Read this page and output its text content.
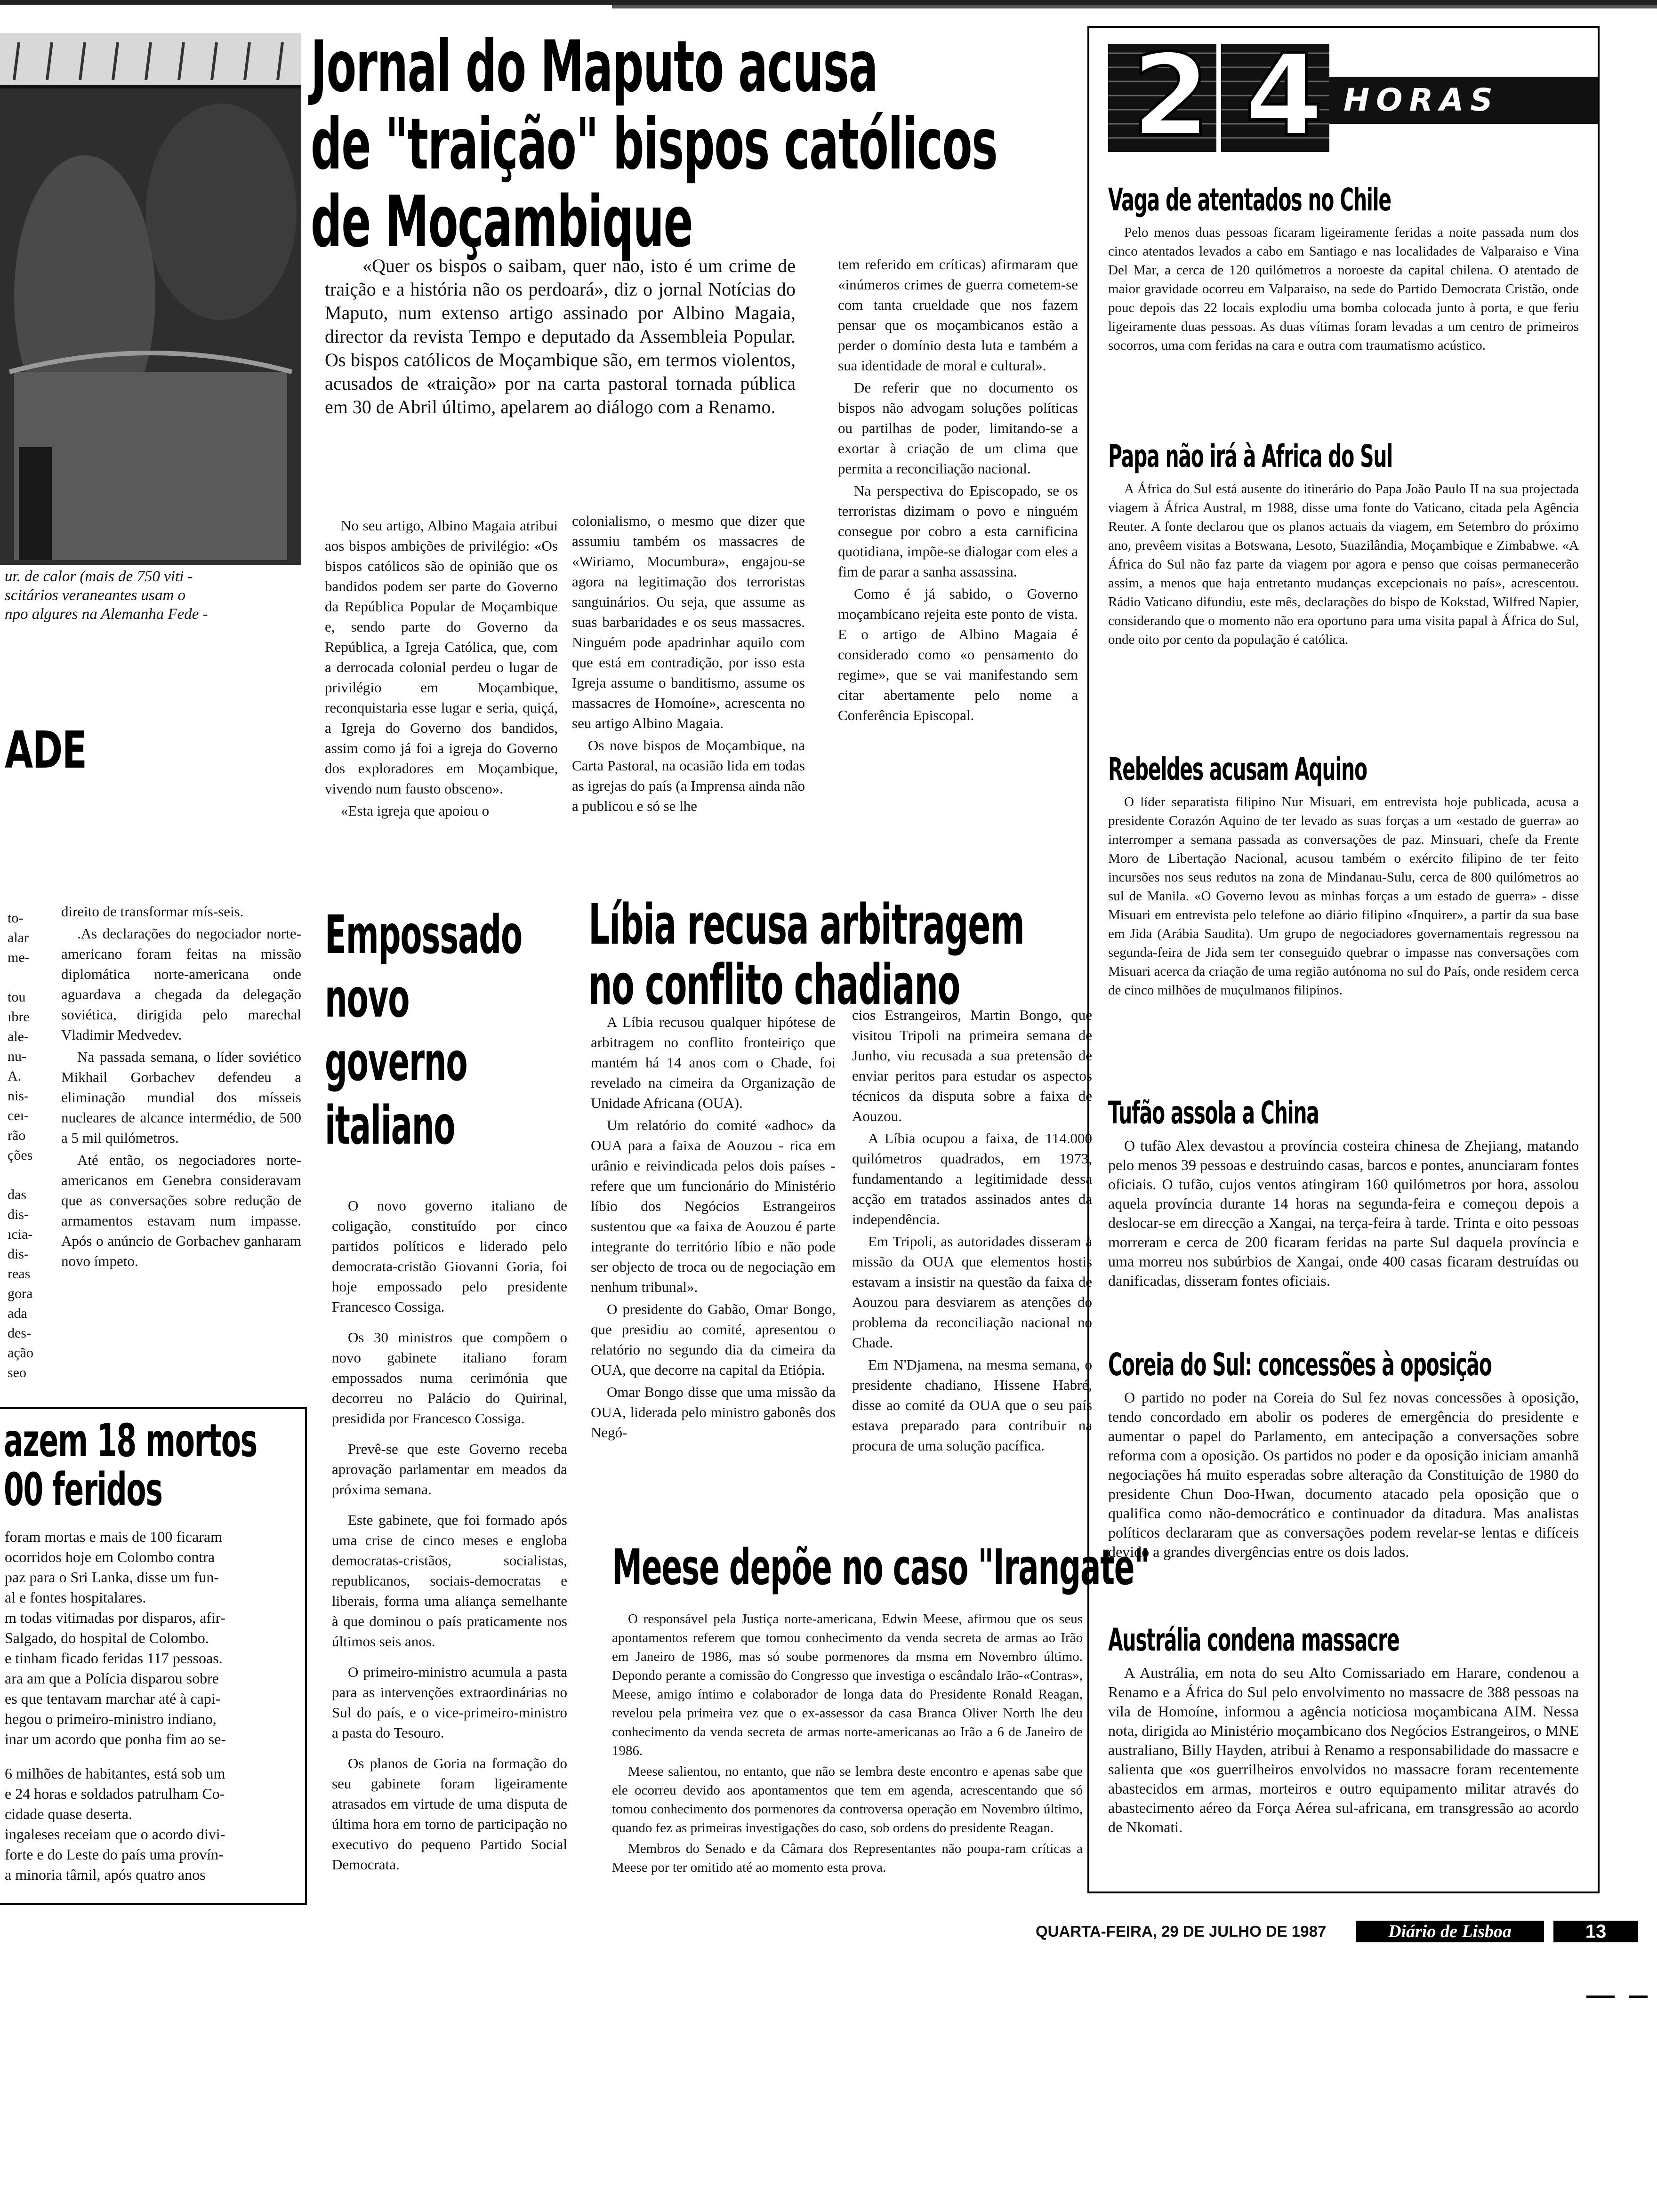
ur. de calor (mais de 750 viti -
scitários veraneantes usam o
npo algures na Alemanha Fede -
ADE
to-
alar
me-
tou
ıbre
ale-
nu-
A.
nis-
ceı-
rão
ções
das
dis-
ıcia-
dis-
reas
gora
ada
des-
ação
seo

direito de transformar mís-seis.

.As declarações do negociador norte-americano foram feitas na missão diplomática norte-americana onde aguardava a chegada da delegação soviética, dirigida pelo marechal Vladimir Medvedev.

Na passada semana, o líder soviético Mikhail Gorbachev defendeu a eliminação mundial dos mísseis nucleares de alcance intermédio, de 500 a 5 mil quilómetros.

Até então, os negociadores norte-americanos em Genebra consideravam que as conversações sobre redução de armamentos estavam num impasse. Após o anúncio de Gorbachev ganharam novo ímpeto.

azem 18 mortos
00 feridos
foram mortas e mais de 100 ficaram
ocorridos hoje em Colombo contra
paz para o Sri Lanka, disse um fun-
al e fontes hospitalares.
m todas vitimadas por disparos, afir-
Salgado, do hospital de Colombo.
e tinham ficado feridas 117 pessoas.
ara am que a Polícia disparou sobre
es que tentavam marchar até à capi-
hegou o primeiro-ministro indiano,
inar um acordo que ponha fim ao se-
6 milhões de habitantes, está sob um
e 24 horas e soldados patrulham Co-
cidade quase deserta.
ingaleses receiam que o acordo divi-
forte e do Leste do país uma provín-
a minoria tâmil, após quatro anos
Jornal do Maputo acusa
de "traição" bispos católicos
de Moçambique
«Quer os bispos o saibam, quer não, isto é um crime de traição e a história não os perdoará», diz o jornal Notícias do Maputo, num extenso artigo assinado por Albino Magaia, director da revista Tempo e deputado da Assembleia Popular. Os bispos católicos de Moçambique são, em termos violentos, acusados de «traição» por na carta pastoral tornada pública em 30 de Abril último, apelarem ao diálogo com a Renamo.

No seu artigo, Albino Magaia atribui aos bispos ambições de privilégio: «Os bispos católicos são de opinião que os bandidos podem ser parte do Governo da República Popular de Moçambique e, sendo parte do Governo da República, a Igreja Católica, que, com a derrocada colonial perdeu o lugar de privilégio em Moçambique, reconquistaria esse lugar e seria, quiçá, a Igreja do Governo dos bandidos, assim como já foi a igreja do Governo dos exploradores em Moçambique, vivendo num fausto obsceno».

«Esta igreja que apoiou o

colonialismo, o mesmo que dizer que assumiu também os massacres de «Wiriamo, Mocumbura», engajou-se agora na legitimação dos terroristas sanguinários. Ou seja, que assume as suas barbaridades e os seus massacres. Ninguém pode apadrinhar aquilo com que está em contradição, por isso esta Igreja assume o banditismo, assume os massacres de Homoíne», acrescenta no seu artigo Albino Magaia.

Os nove bispos de Moçambique, na Carta Pastoral, na ocasião lida em todas as igrejas do país (a Imprensa ainda não a publicou e só se lhe

tem referido em críticas) afirmaram que «inúmeros crimes de guerra cometem-se com tanta crueldade que nos fazem pensar que os moçambicanos estão a perder o domínio desta luta e também a sua identidade de moral e cultural».

De referir que no documento os bispos não advogam soluções políticas ou partilhas de poder, limitando-se a exortar à criação de um clima que permita a reconciliação nacional.

Na perspectiva do Episcopado, se os terroristas dizimam o povo e ninguém consegue por cobro a esta carnificina quotidiana, impõe-se dialogar com eles a fim de parar a sanha assassina.

Como é já sabido, o Governo moçambicano rejeita este ponto de vista. E o artigo de Albino Magaia é considerado como «o pensamento do regime», que se vai manifestando sem citar abertamente pelo nome a Conferência Episcopal.

Empossado
novo
governo
italiano

O novo governo italiano de coligação, constituído por cinco partidos políticos e liderado pelo democrata-cristão Giovanni Goria, foi hoje empossado pelo presidente Francesco Cossiga.

Os 30 ministros que compõem o novo gabinete italiano foram empossados numa cerimónia que decorreu no Palácio do Quirinal, presidida por Francesco Cossiga.

Prevê-se que este Governo receba aprovação parlamentar em meados da próxima semana.

Este gabinete, que foi formado após uma crise de cinco meses e engloba democratas-cristãos, socialistas, republicanos, sociais-democratas e liberais, forma uma aliança semelhante à que dominou o país praticamente nos últimos seis anos.

O primeiro-ministro acumula a pasta para as intervenções extraordinárias no Sul do país, e o vice-primeiro-ministro a pasta do Tesouro.

Os planos de Goria na formação do seu gabinete foram ligeiramente atrasados em virtude de uma disputa de última hora em torno de participação no executivo do pequeno Partido Social Democrata.

Líbia recusa arbitragem
no conflito chadiano

A Líbia recusou qualquer hipótese de arbitragem no conflito fronteiriço que mantém há 14 anos com o Chade, foi revelado na cimeira da Organização de Unidade Africana (OUA).

Um relatório do comité «adhoc» da OUA para a faixa de Aouzou - rica em urânio e reivindicada pelos dois países - refere que um funcionário do Ministério líbio dos Negócios Estrangeiros sustentou que «a faixa de Aouzou é parte integrante do território líbio e não pode ser objecto de troca ou de negociação em nenhum tribunal».

O presidente do Gabão, Omar Bongo, que presidiu ao comité, apresentou o relatório no segundo dia da cimeira da OUA, que decorre na capital da Etiópia.

Omar Bongo disse que uma missão da OUA, liderada pelo ministro gabonês dos Negó-

cios Estrangeiros, Martin Bongo, que visitou Tripoli na primeira semana de Junho, viu recusada a sua pretensão de enviar peritos para estudar os aspectos técnicos da disputa sobre a faixa de Aouzou.

A Líbia ocupou a faixa, de 114.000 quilómetros quadrados, em 1973, fundamentando a legitimidade dessa acção em tratados assinados antes da independência.

Em Tripoli, as autoridades disseram à missão da OUA que elementos hostis estavam a insistir na questão da faixa de Aouzou para desviarem as atenções do problema da reconciliação nacional no Chade.

Em N'Djamena, na mesma semana, o presidente chadiano, Hissene Habré, disse ao comité da OUA que o seu país estava preparado para contribuir na procura de uma solução pacífica.

Meese depõe no caso "Irangate"

O responsável pela Justiça norte-americana, Edwin Meese, afirmou que os seus apontamentos referem que tomou conhecimento da venda secreta de armas ao Irão em Janeiro de 1986, mas só soube pormenores da msma em Novembro último. Depondo perante a comissão do Congresso que investiga o escândalo Irão-«Contras», Meese, amigo íntimo e colaborador de longa data do Presidente Ronald Reagan, revelou pela primeira vez que o ex-assessor da casa Branca Oliver North lhe deu conhecimento da venda secreta de armas norte-americanas ao Irão a 6 de Janeiro de 1986.

Meese salientou, no entanto, que não se lembra deste encontro e apenas sabe que ele ocorreu devido aos apontamentos que tem em agenda, acrescentando que só tomou conhecimento dos pormenores da controversa operação em Novembro último, quando fez as primeiras investigações do caso, sob ordens do presidente Reagan.

Membros do Senado e da Câmara dos Representantes não poupa-ram críticas a Meese por ter omitido até ao momento esta prova.

2 4 HORAS
Vaga de atentados no Chile
Pelo menos duas pessoas ficaram ligeiramente feridas a noite passada num dos cinco atentados levados a cabo em Santiago e nas localidades de Valparaiso e Vina Del Mar, a cerca de 120 quilómetros a noroeste da capital chilena. O atentado de maior gravidade ocorreu em Valparaiso, na sede do Partido Democrata Cristão, onde pouc depois das 22 locais explodiu uma bomba colocada junto à porta, e que feriu ligeiramente duas pessoas. As duas vítimas foram levadas a um centro de primeiros socorros, uma com feridas na cara e outra com traumatismo acústico.
Papa não irá à Africa do Sul
A África do Sul está ausente do itinerário do Papa João Paulo II na sua projectada viagem à África Austral, m 1988, disse uma fonte do Vaticano, citada pela Agência Reuter. A fonte declarou que os planos actuais da viagem, em Setembro do próximo ano, prevêem visitas a Botswana, Lesoto, Suazilândia, Moçambique e Zimbabwe. «A África do Sul não faz parte da viagem por agora e penso que coisas permanecerão assim, a menos que haja entretanto mudanças excepcionais no país», acrescentou. Rádio Vaticano difundiu, este mês, declarações do bispo de Kokstad, Wilfred Napier, considerando que o momento não era oportuno para uma visita papal à África do Sul, onde oito por cento da população é católica.
Rebeldes acusam Aquino
O líder separatista filipino Nur Misuari, em entrevista hoje publicada, acusa a presidente Corazón Aquino de ter levado as suas forças a um «estado de guerra» ao interromper a semana passada as conversações de paz. Minsuari, chefe da Frente Moro de Libertação Nacional, acusou também o exército filipino de ter feito incursões nos seus redutos na zona de Mindanau-Sulu, cerca de 800 quilómetros ao sul de Manila. «O Governo levou as minhas forças a um estado de guerra» - disse Misuari em entrevista pelo telefone ao diário filipino «Inquirer», a partir da sua base em Jida (Arábia Saudita). Um grupo de negociadores governamentais regressou na segunda-feira de Jida sem ter conseguido quebrar o impasse nas conversações com Misuari acerca da criação de uma região autónoma no sul do País, onde residem cerca de cinco milhões de muçulmanos filipinos.
Tufão assola a China
O tufão Alex devastou a província costeira chinesa de Zhejiang, matando pelo menos 39 pessoas e destruindo casas, barcos e pontes, anunciaram fontes oficiais. O tufão, cujos ventos atingiram 160 quilómetros por hora, assolou aquela província durante 14 horas na segunda-feira e começou depois a deslocar-se em direcção a Xangai, na terça-feira à tarde. Trinta e oito pessoas morreram e cerca de 200 ficaram feridas na parte Sul daquela província e uma morreu nos subúrbios de Xangai, onde 400 casas ficaram destruídas ou danificadas, disseram fontes oficiais.
Coreia do Sul: concessões à oposição
O partido no poder na Coreia do Sul fez novas concessões à oposição, tendo concordado em abolir os poderes de emergência do presidente e aumentar o papel do Parlamento, em antecipação a conversações sobre reforma com a oposição. Os partidos no poder e da oposição iniciam amanhã negociações há muito esperadas sobre alteração da Constituição de 1980 do presidente Chun Doo-Hwan, documento atacado pela oposição que o qualifica como não-democrático e continuador da ditadura. Mas analistas políticos declararam que as conversações podem revelar-se lentas e difíceis devido a grandes divergências entre os dois lados.
Austrália condena massacre
A Austrália, em nota do seu Alto Comissariado em Harare, condenou a Renamo e a África do Sul pelo envolvimento no massacre de 388 pessoas na vila de Homoíne, informou a agência noticiosa moçambicana AIM. Nessa nota, dirigida ao Ministério moçambicano dos Negócios Estrangeiros, o MNE australiano, Billy Hayden, atribui à Renamo a responsabilidade do massacre e salienta que «os guerrilheiros envolvidos no massacre foram recentemente abastecidos em armas, morteiros e outro equipamento militar através do abastecimento aéreo da Força Aérea sul-africana, em transgressão ao acordo de Nkomati.
QUARTA-FEIRA, 29 DE JULHO DE 1987	Diário de Lisboa	13
